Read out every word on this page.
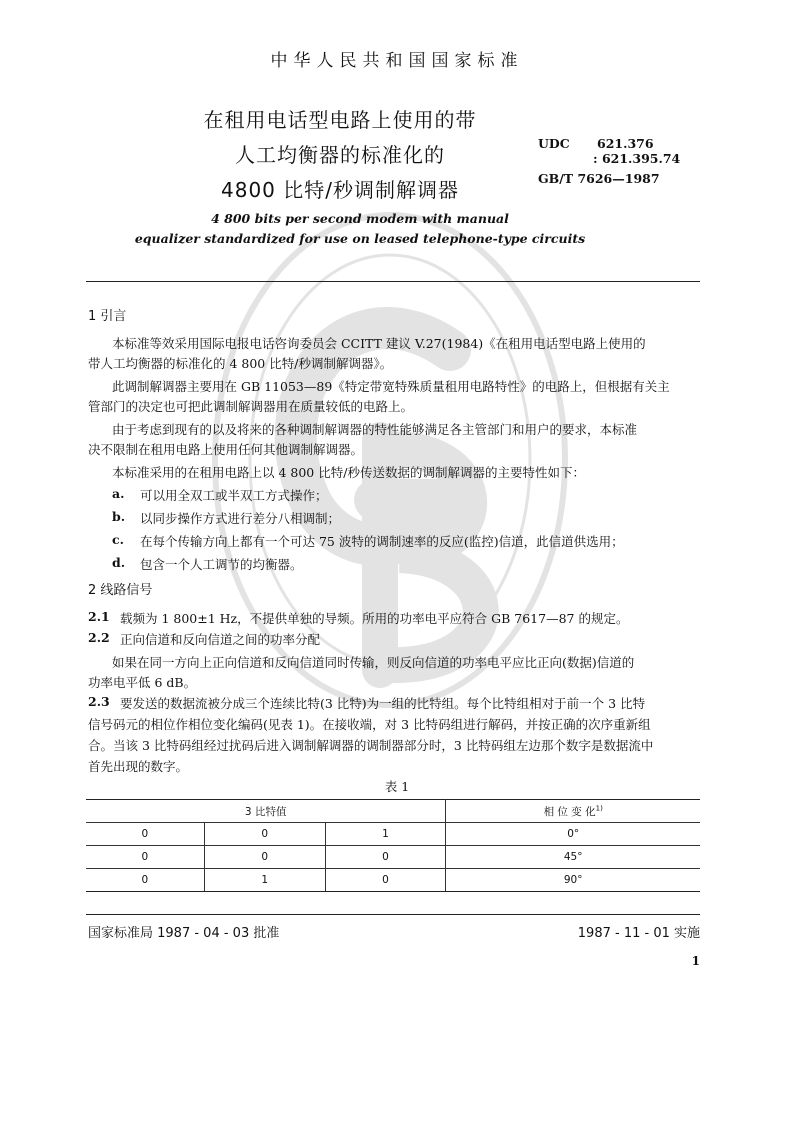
中华人民共和国国家标准
在租用电话型电路上使用的带
人工均衡器的标准化的
4800 比特/秒调制解调器
UDC 621.376
: 621.395.74
GB/T 7626—1987
4 800 bits per second modem with manual
equalizer standardized for use on leased telephone-type circuits
1 引言
本标准等效采用国际电报电话咨询委员会 CCITT 建议 V.27(1984)《在租用电话型电路上使用的
带人工均衡器的标准化的 4 800 比特/秒调制解调器》。
此调制解调器主要用在 GB 11053—89《特定带宽特殊质量租用电路特性》的电路上，但根据有关主
管部门的决定也可把此调制解调器用在质量较低的电路上。
由于考虑到现有的以及将来的各种调制解调器的特性能够满足各主管部门和用户的要求，本标准
决不限制在租用电路上使用任何其他调制解调器。
本标准采用的在租用电路上以 4 800 比特/秒传送数据的调制解调器的主要特性如下：
a. 可以用全双工或半双工方式操作；
b. 以同步操作方式进行差分八相调制；
c. 在每个传输方向上都有一个可达 75 波特的调制速率的反应(监控)信道，此信道供选用；
d. 包含一个人工调节的均衡器。
2 线路信号
2.1 载频为 1 800±1 Hz，不提供单独的导频。所用的功率电平应符合 GB 7617—87 的规定。
2.2 正向信道和反向信道之间的功率分配
如果在同一方向上正向信道和反向信道同时传输，则反向信道的功率电平应比正向(数据)信道的
功率电平低 6 dB。
2.3 要发送的数据流被分成三个连续比特(3 比特)为一组的比特组。每个比特组相对于前一个 3 比特
信号码元的相位作相位变化编码(见表 1)。在接收端，对 3 比特码组进行解码，并按正确的次序重新组
合。当该 3 比特码组经过扰码后进入调制解调器的调制器部分时，3 比特码组左边那个数字是数据流中
首先出现的数字。
表 1
3 比特值			相 位 变 化$^{1)}$
0	0	1	0°
0	0	0	45°
0	1	0	90°
国家标准局 1987 - 04 - 03 批准	1987 - 11 - 01 实施
1
